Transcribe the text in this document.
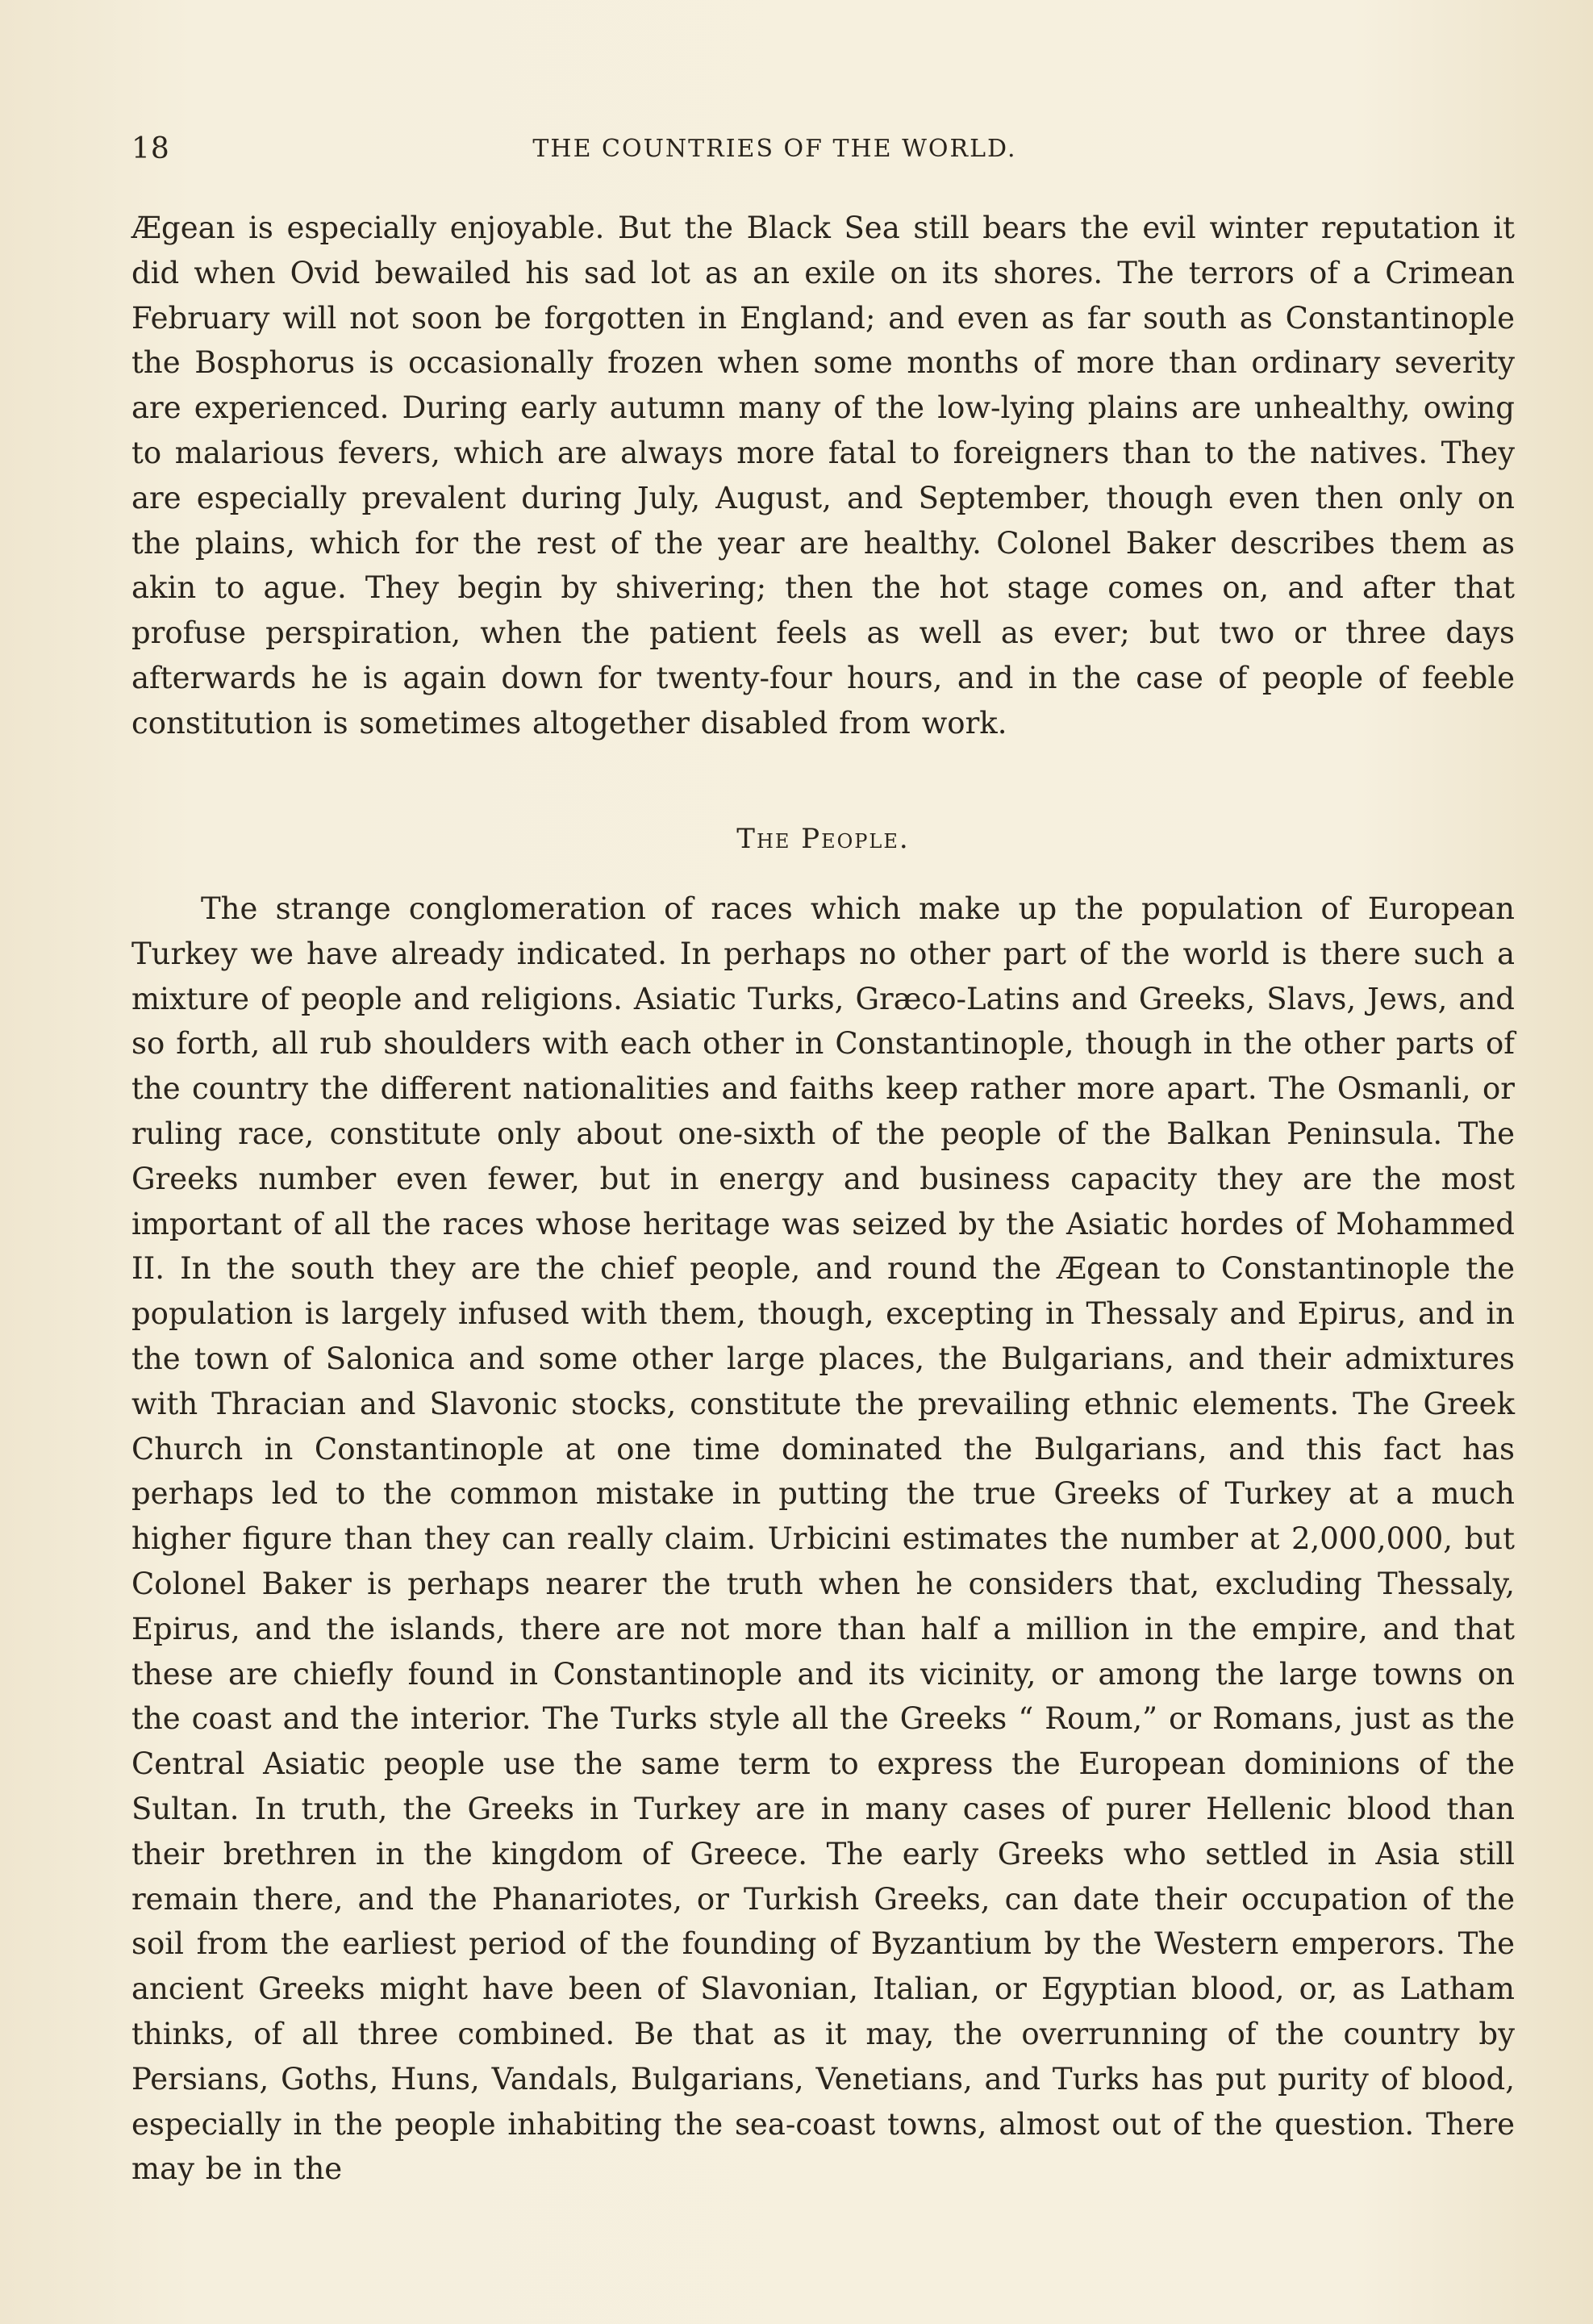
18	THE COUNTRIES OF THE WORLD.

Ægean is especially enjoyable. But the Black Sea still bears the evil winter reputation it did when Ovid bewailed his sad lot as an exile on its shores. The terrors of a Crimean February will not soon be forgotten in England; and even as far south as Constantinople the Bosphorus is occasionally frozen when some months of more than ordinary severity are experienced. During early autumn many of the low-lying plains are unhealthy, owing to malarious fevers, which are always more fatal to foreigners than to the natives. They are especially prevalent during July, August, and September, though even then only on the plains, which for the rest of the year are healthy. Colonel Baker describes them as akin to ague. They begin by shivering; then the hot stage comes on, and after that profuse perspiration, when the patient feels as well as ever; but two or three days afterwards he is again down for twenty-four hours, and in the case of people of feeble constitution is sometimes altogether disabled from work.

The People.

The strange conglomeration of races which make up the population of European Turkey we have already indicated. In perhaps no other part of the world is there such a mixture of people and religions. Asiatic Turks, Græco-Latins and Greeks, Slavs, Jews, and so forth, all rub shoulders with each other in Constantinople, though in the other parts of the country the different nationalities and faiths keep rather more apart. The Osmanli, or ruling race, constitute only about one-sixth of the people of the Balkan Peninsula. The Greeks number even fewer, but in energy and business capacity they are the most important of all the races whose heritage was seized by the Asiatic hordes of Mohammed II. In the south they are the chief people, and round the Ægean to Constantinople the population is largely infused with them, though, excepting in Thessaly and Epirus, and in the town of Salonica and some other large places, the Bulgarians, and their admixtures with Thracian and Slavonic stocks, constitute the prevailing ethnic elements. The Greek Church in Constantinople at one time dominated the Bulgarians, and this fact has perhaps led to the common mistake in putting the true Greeks of Turkey at a much higher figure than they can really claim. Urbicini estimates the number at 2,000,000, but Colonel Baker is perhaps nearer the truth when he considers that, excluding Thessaly, Epirus, and the islands, there are not more than half a million in the empire, and that these are chiefly found in Constantinople and its vicinity, or among the large towns on the coast and the interior. The Turks style all the Greeks “ Roum,” or Romans, just as the Central Asiatic people use the same term to express the European dominions of the Sultan. In truth, the Greeks in Turkey are in many cases of purer Hellenic blood than their brethren in the kingdom of Greece. The early Greeks who settled in Asia still remain there, and the Phanariotes, or Turkish Greeks, can date their occupation of the soil from the earliest period of the founding of Byzantium by the Western emperors. The ancient Greeks might have been of Slavonian, Italian, or Egyptian blood, or, as Latham thinks, of all three combined. Be that as it may, the overrunning of the country by Persians, Goths, Huns, Vandals, Bulgarians, Venetians, and Turks has put purity of blood, especially in the people inhabiting the sea-coast towns, almost out of the question. There may be in the
